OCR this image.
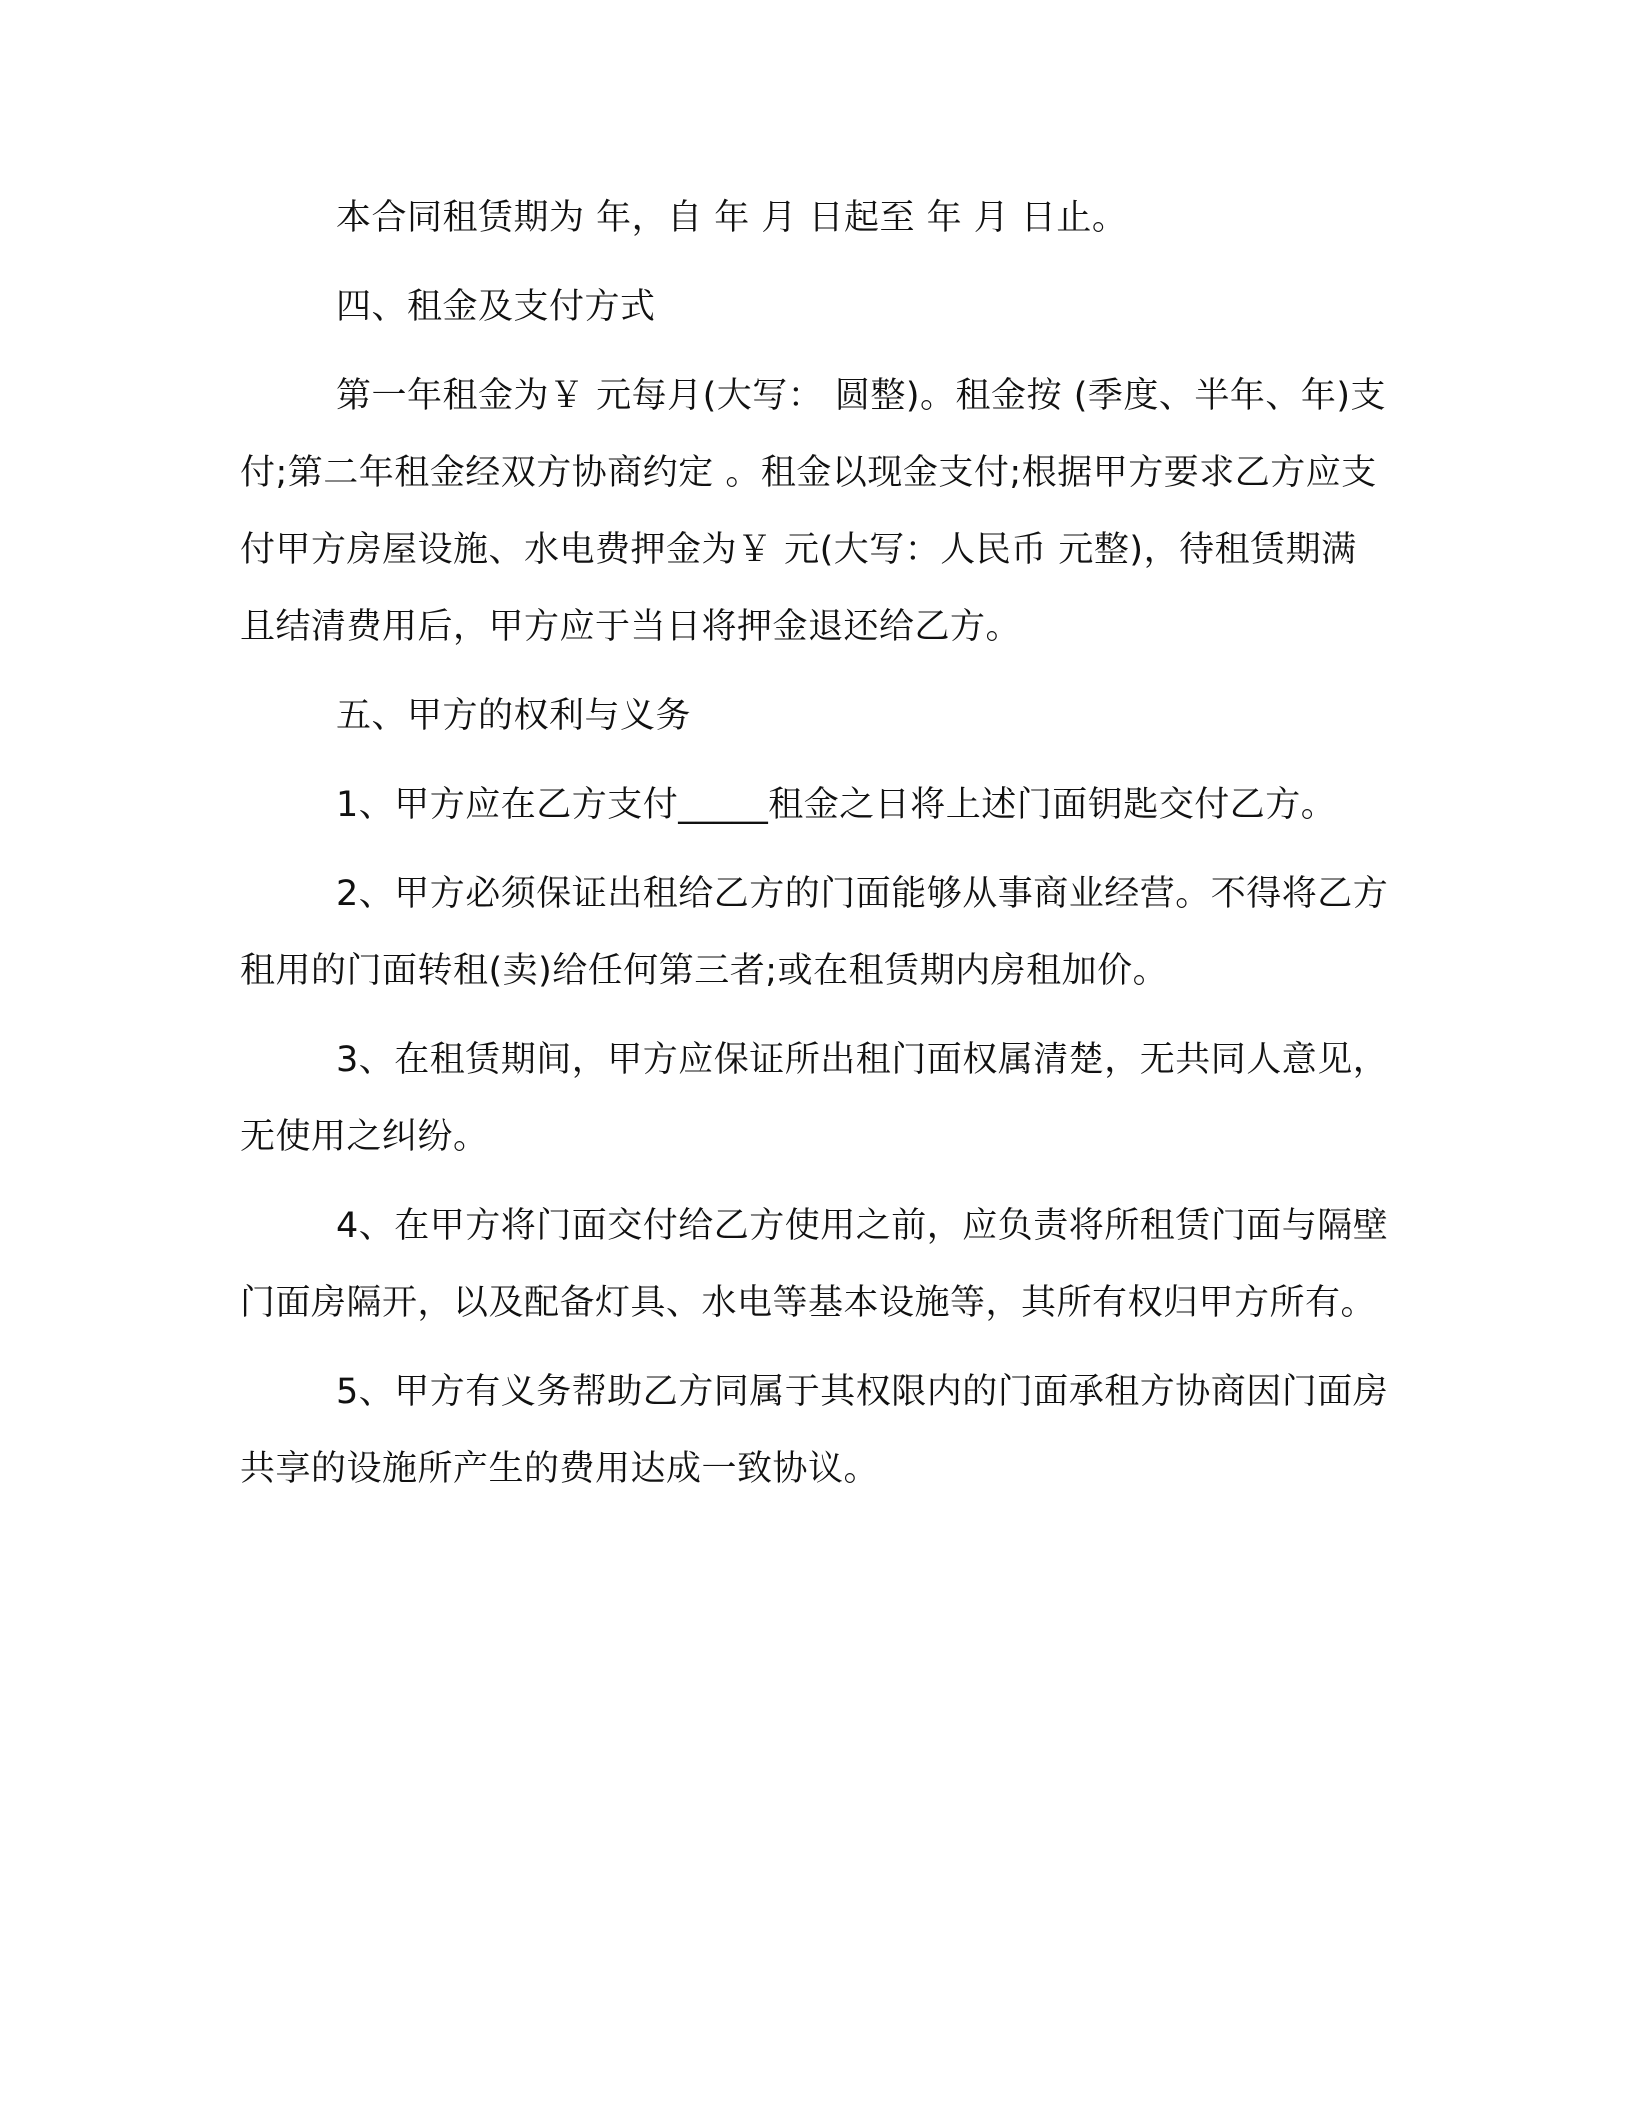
本合同租赁期为 年，自 年 月 日起至 年 月 日止。

四、租金及支付方式

第一年租金为￥ 元每月(大写： 圆整)。租金按 (季度、半年、年)支付;第二年租金经双方协商约定 。租金以现金支付;根据甲方要求乙方应支付甲方房屋设施、水电费押金为￥ 元(大写：人民币 元整)，待租赁期满且结清费用后，甲方应于当日将押金退还给乙方。

五、甲方的权利与义务

1、甲方应在乙方支付_____租金之日将上述门面钥匙交付乙方。

2、甲方必须保证出租给乙方的门面能够从事商业经营。不得将乙方租用的门面转租(卖)给任何第三者;或在租赁期内房租加价。

3、在租赁期间，甲方应保证所出租门面权属清楚，无共同人意见，无使用之纠纷。

4、在甲方将门面交付给乙方使用之前，应负责将所租赁门面与隔壁门面房隔开，以及配备灯具、水电等基本设施等，其所有权归甲方所有。

5、甲方有义务帮助乙方同属于其权限内的门面承租方协商因门面房共享的设施所产生的费用达成一致协议。
